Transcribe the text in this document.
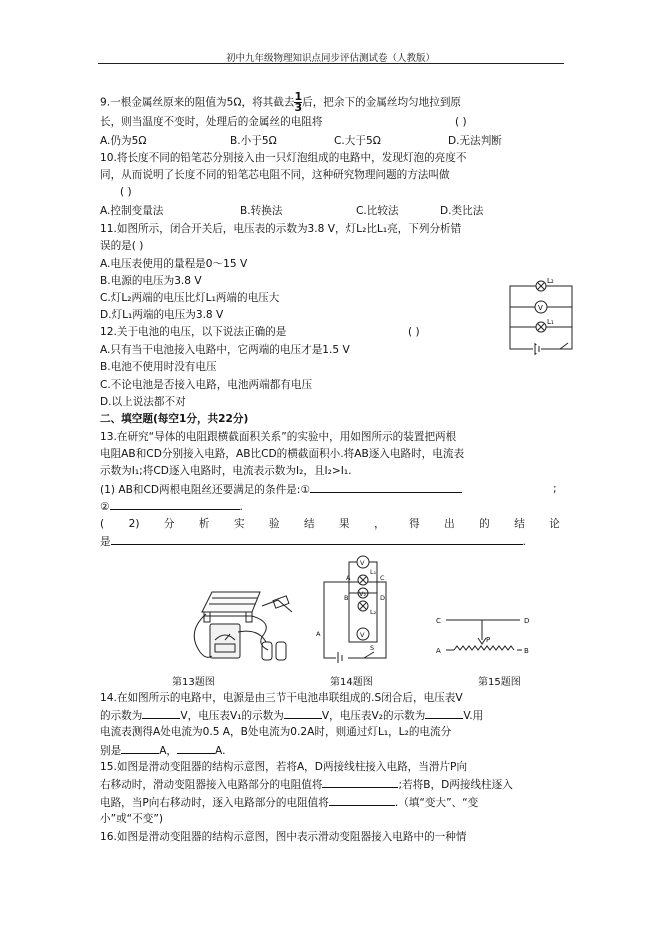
初中九年级物理知识点同步评估测试卷（人教版）
9.一根金属丝原来的阻值为5Ω，将其截去 $\frac{1}{3}$ 后，把余下的金属丝均匀地拉到原
长，则当温度不变时，处理后的金属丝的电阻将	( )
A.仍为5Ω	B.小于5Ω	C.大于5Ω	D.无法判断
10.将长度不同的铅笔芯分别接入由一只灯泡组成的电路中，发现灯泡的亮度不
同，从而说明了长度不同的铅笔芯电阻不同，这种研究物理问题的方法叫做
( )
A.控制变量法	B.转换法	C.比较法	D.类比法
11.如图所示，闭合开关后，电压表的示数为3.8 V，灯L₂比L₁亮，下列分析错
误的是( )
A.电压表使用的量程是0～15 V
B.电源的电压为3.8 V
C.灯L₂两端的电压比灯L₁两端的电压大
D.灯L₁两端的电压为3.8 V
L₂
V
L₁
12.关于电池的电压，以下说法正确的是	( )
A.只有当干电池接入电路中，它两端的电压才是1.5 V
B.电池不使用时没有电压
C.不论电池是否接入电路，电池两端都有电压
D.以上说法都不对
二、填空题(每空1分，共22分)
13.在研究“导体的电阻跟横截面积关系”的实验中，用如图所示的装置把两根
电阻AB和CD分别接入电路，AB比CD的横截面积小.将AB逐入电路时，电流表
示数为I₁;将CD逐入电路时，电流表示数为I₂，且I₂>I₁.
(1) AB和CD两根电阻丝还要满足的条件是:①	;
②	.
( 2) 分 析 实 验 结 果 ， 得 出 的 结 论
是	.
V
L₁
A
B
C
D
L₂
V₂
A	V
S
C	D
P
A	B
第13题图	第14题图	第15题图
14.在如图所示的电路中，电源是由三节干电池串联组成的.S闭合后，电压表V
的示数为	V，电压表V₁的示数为	V，电压表V₂的示数为	V.用
电流表测得A处电流为0.5 A，B处电流为0.2A时，则通过灯L₁，L₂的电流分
别是	A，	A.
15.如图是滑动变阻器的结构示意图，若将A，D两接线柱接入电路，当滑片P向
右移动时，滑动变阻器接入电路部分的电阻值将	;若将B，D两接线柱逐入
电路，当P向右移动时，逐入电路部分的电阻值将	.（填“变大”、“变
小”或“不变”)
16.如图是滑动变阻器的结构示意图，图中表示滑动变阻器接入电路中的一种情
